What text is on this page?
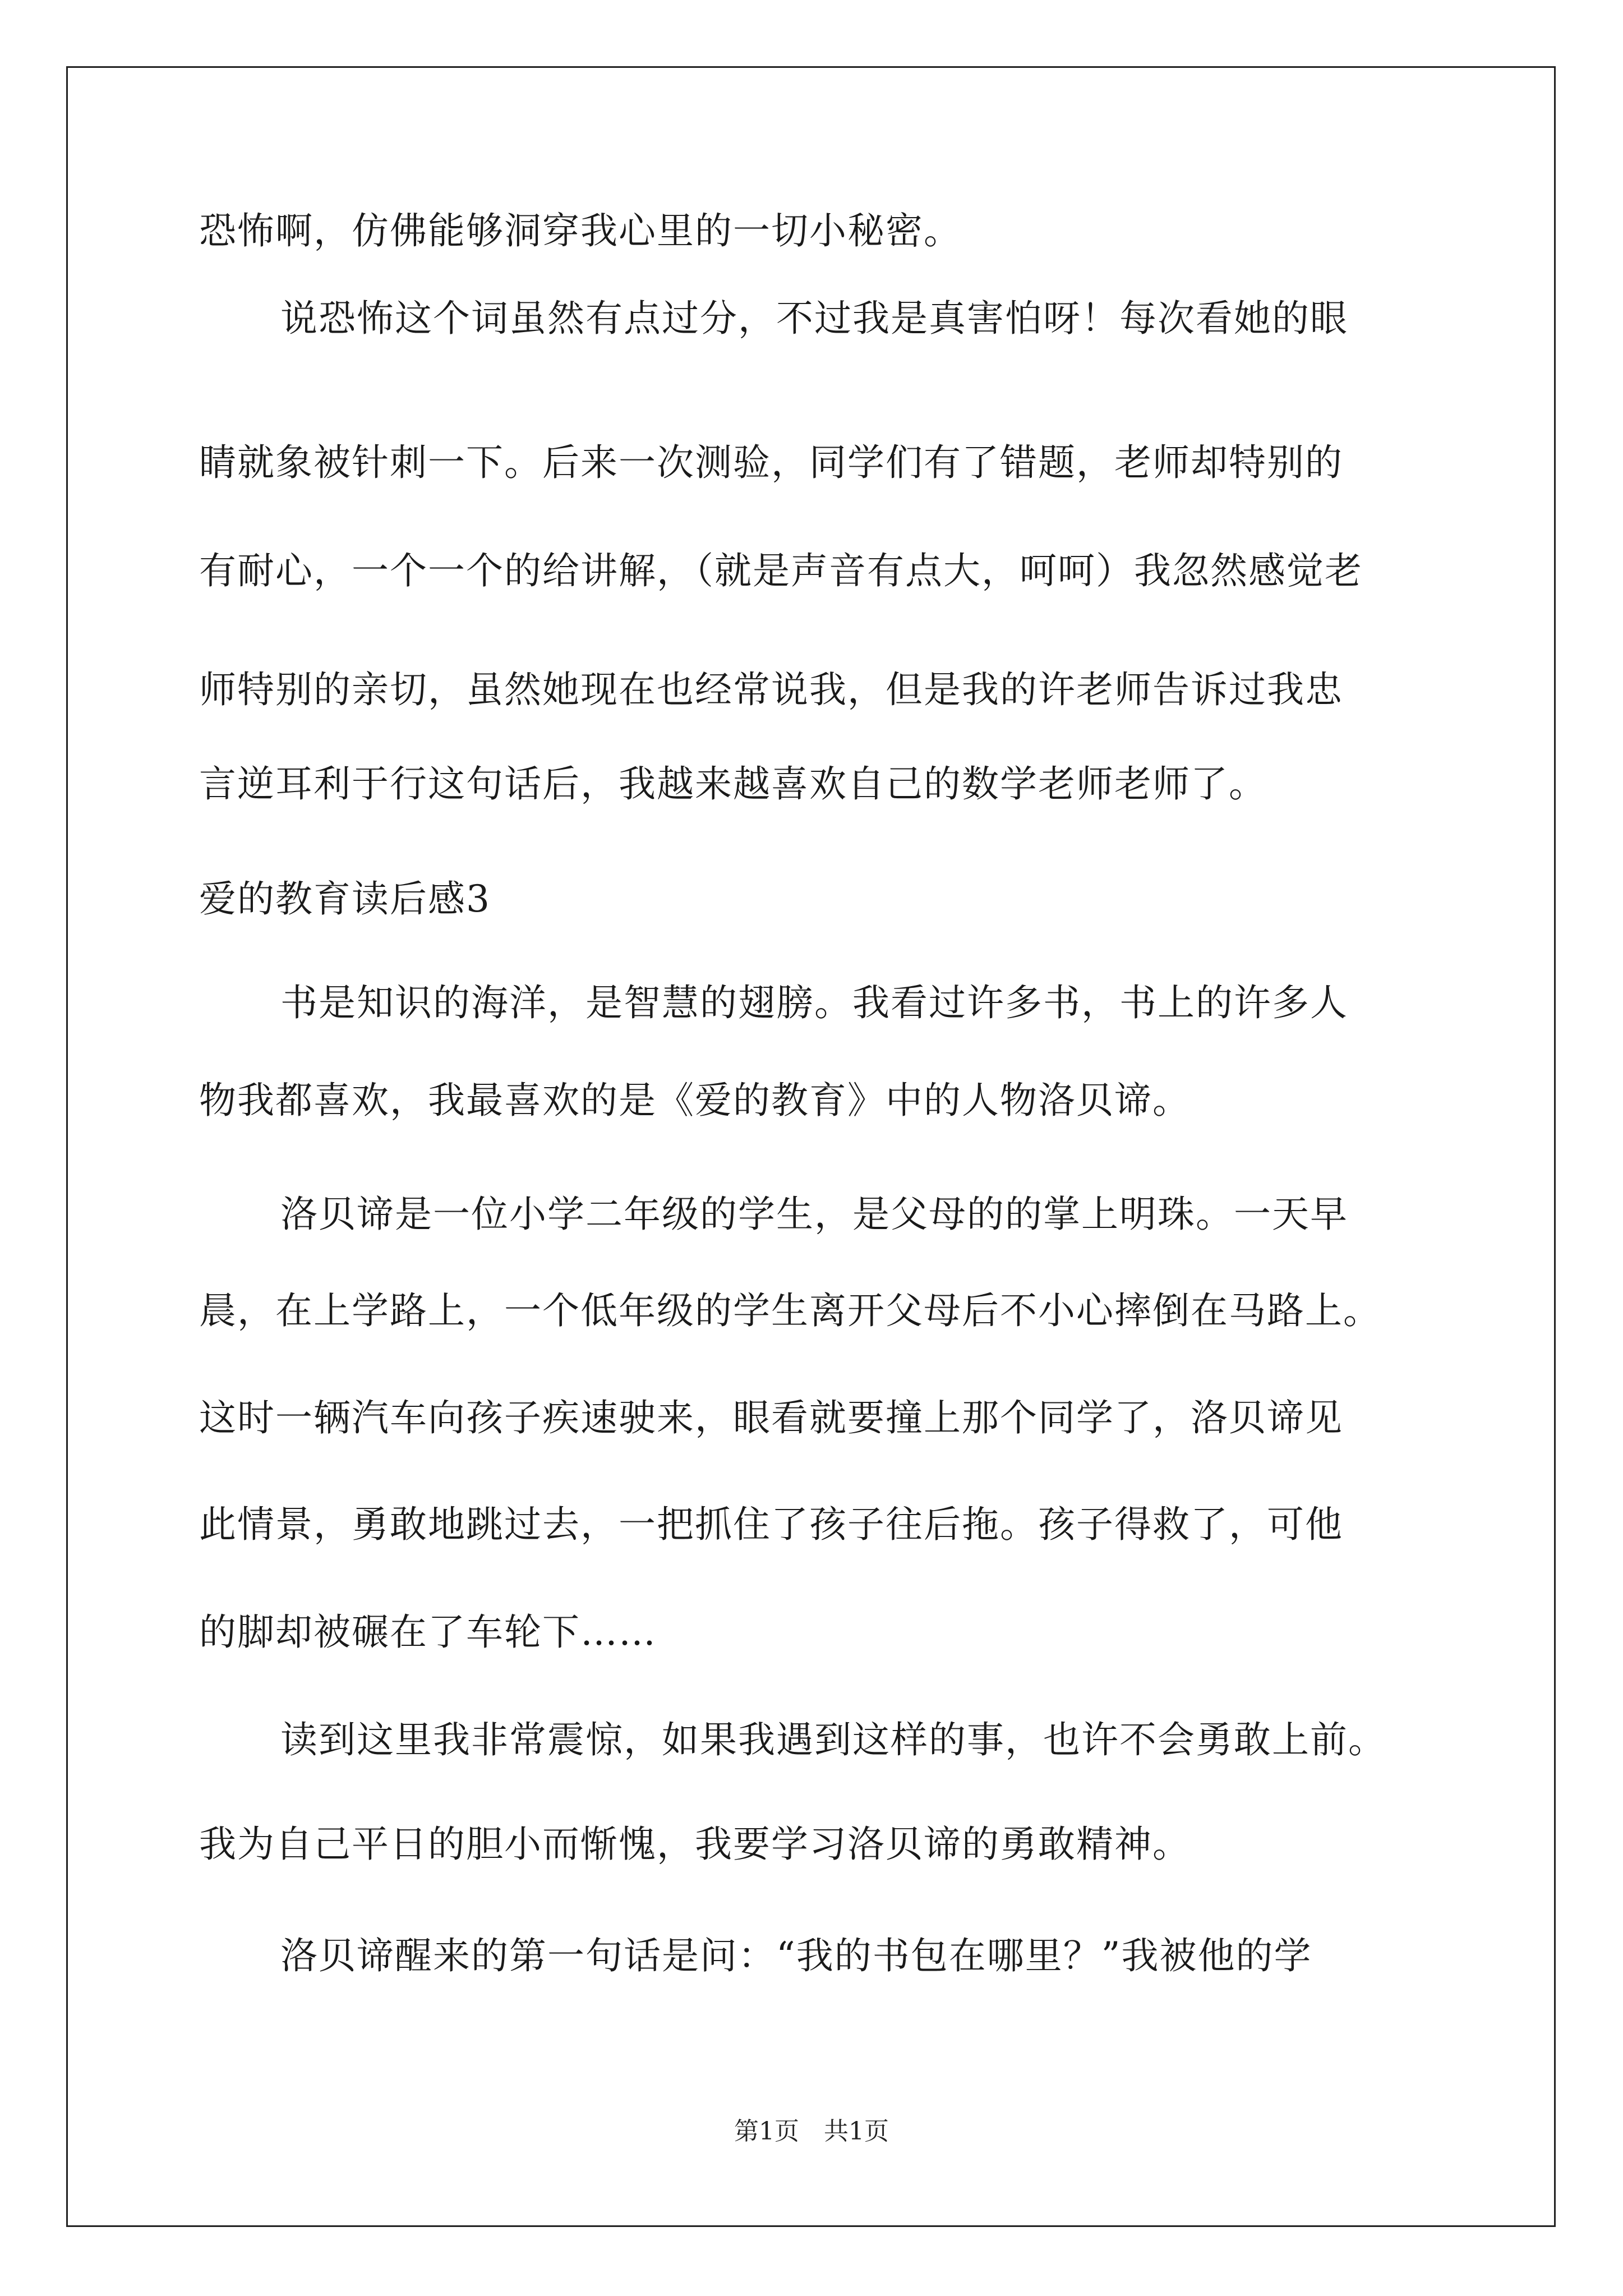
恐怖啊，仿佛能够洞穿我心里的一切小秘密。
说恐怖这个词虽然有点过分，不过我是真害怕呀！每次看她的眼
睛就象被针刺一下。后来一次测验，同学们有了错题，老师却特别的
有耐心，一个一个的给讲解，（就是声音有点大，呵呵）我忽然感觉老
师特别的亲切，虽然她现在也经常说我，但是我的许老师告诉过我忠
言逆耳利于行这句话后，我越来越喜欢自己的数学老师老师了。
爱的教育读后感3
书是知识的海洋，是智慧的翅膀。我看过许多书，书上的许多人
物我都喜欢，我最喜欢的是《爱的教育》中的人物洛贝谛。
洛贝谛是一位小学二年级的学生，是父母的的掌上明珠。一天早
晨，在上学路上，一个低年级的学生离开父母后不小心摔倒在马路上。
这时一辆汽车向孩子疾速驶来，眼看就要撞上那个同学了，洛贝谛见
此情景，勇敢地跳过去，一把抓住了孩子往后拖。孩子得救了，可他
的脚却被碾在了车轮下……
读到这里我非常震惊，如果我遇到这样的事，也许不会勇敢上前。
我为自己平日的胆小而惭愧，我要学习洛贝谛的勇敢精神。
洛贝谛醒来的第一句话是问：“我的书包在哪里？”我被他的学
第1页　共1页
